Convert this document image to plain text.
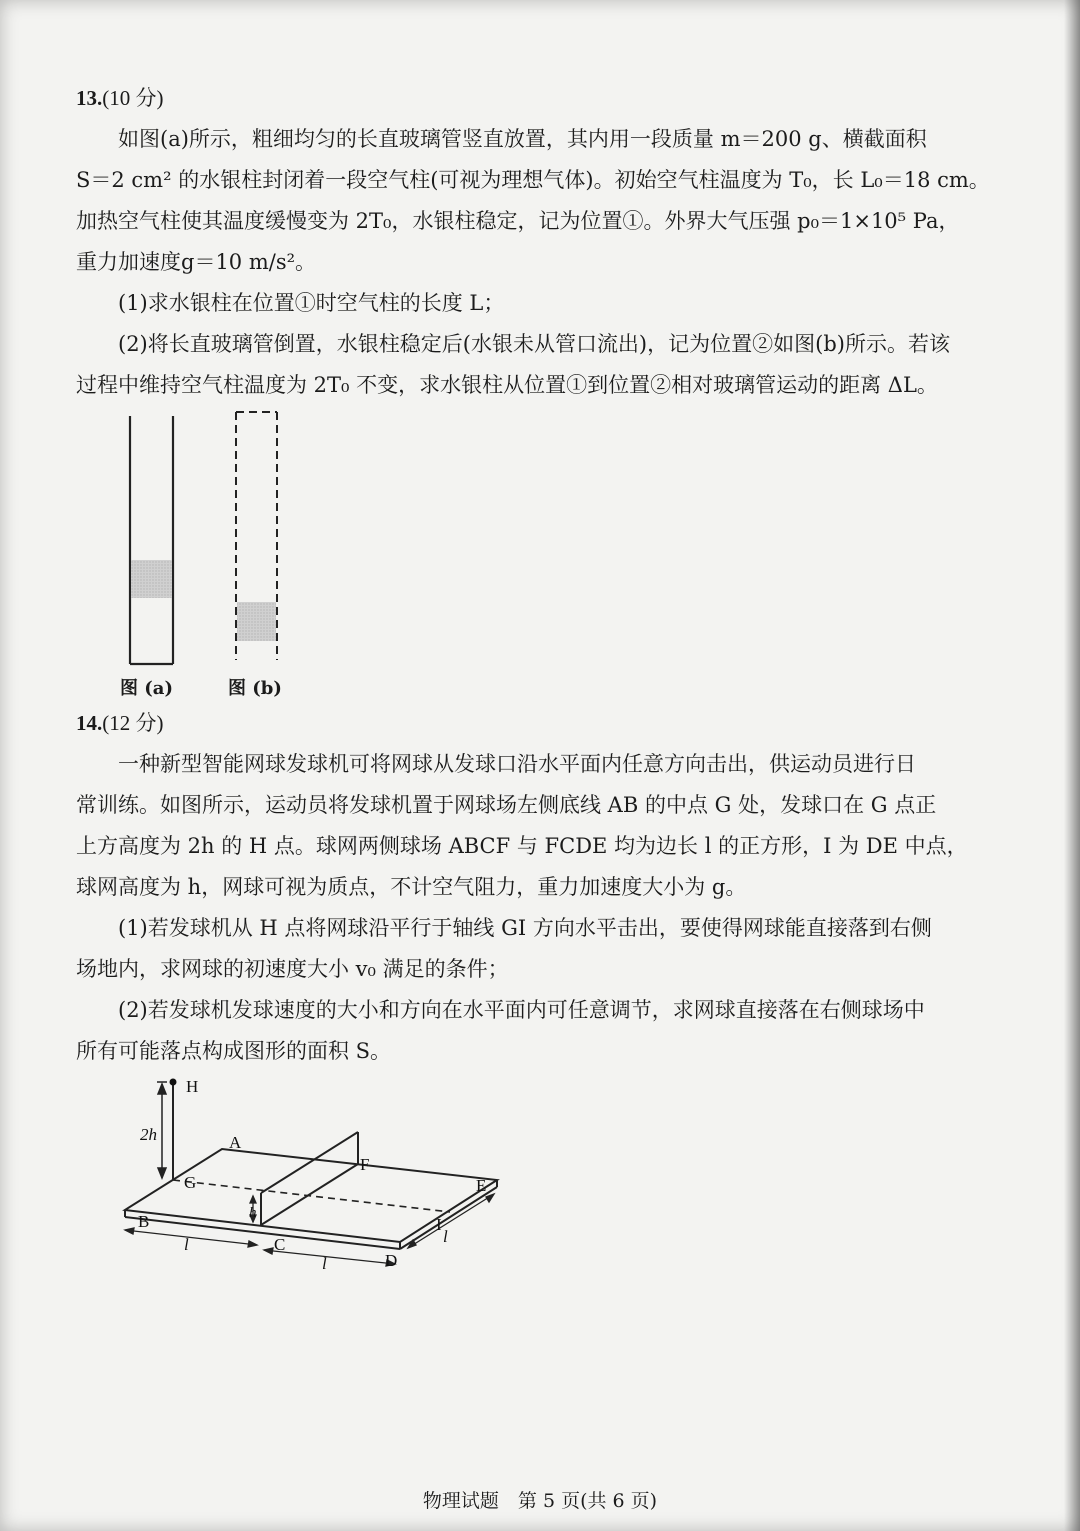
13.(10 分)
如图(a)所示，粗细均匀的长直玻璃管竖直放置，其内用一段质量 m＝200 g、横截面积
S＝2 cm² 的水银柱封闭着一段空气柱(可视为理想气体)。初始空气柱温度为 T₀，长 L₀＝18 cm。
加热空气柱使其温度缓慢变为 2T₀，水银柱稳定，记为位置①。外界大气压强 p₀＝1×10⁵ Pa，
重力加速度g＝10 m/s²。
(1)求水银柱在位置①时空气柱的长度 L；
(2)将长直玻璃管倒置，水银柱稳定后(水银未从管口流出)，记为位置②如图(b)所示。若该
过程中维持空气柱温度为 2T₀ 不变，求水银柱从位置①到位置②相对玻璃管运动的距离 ΔL。
图 (a)	图 (b)
14.(12 分)
一种新型智能网球发球机可将网球从发球口沿水平面内任意方向击出，供运动员进行日
常训练。如图所示，运动员将发球机置于网球场左侧底线 AB 的中点 G 处，发球口在 G 点正
上方高度为 2h 的 H 点。球网两侧球场 ABCF 与 FCDE 均为边长 l 的正方形，I 为 DE 中点，
球网高度为 h，网球可视为质点，不计空气阻力，重力加速度大小为 g。
(1)若发球机从 H 点将网球沿平行于轴线 GI 方向水平击出，要使得网球能直接落到右侧
场地内，求网球的初速度大小 v₀ 满足的条件；
(2)若发球机发球速度的大小和方向在水平面内可任意调节，求网球直接落在右侧球场中
所有可能落点构成图形的面积 S。
H
A
B
C
D
E
F
G
I
2h
h
l
l
l
物理试题　第 5 页(共 6 页)
